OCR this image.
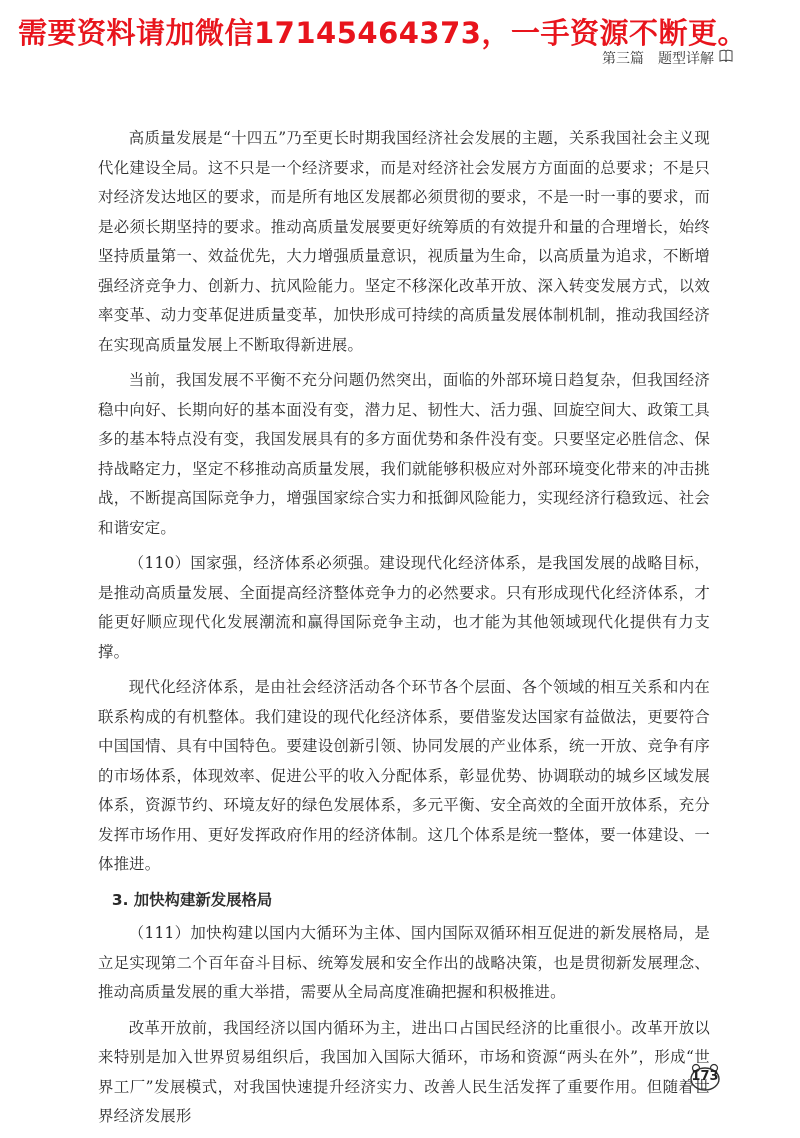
需要资料请加微信17145464373，一手资源不断更。
第三篇　题型详解

高质量发展是“十四五”乃至更长时期我国经济社会发展的主题，关系我国社会主义现代化建设全局。这不只是一个经济要求，而是对经济社会发展方方面面的总要求；不是只对经济发达地区的要求，而是所有地区发展都必须贯彻的要求，不是一时一事的要求，而是必须长期坚持的要求。推动高质量发展要更好统筹质的有效提升和量的合理增长，始终坚持质量第一、效益优先，大力增强质量意识，视质量为生命，以高质量为追求，不断增强经济竞争力、创新力、抗风险能力。坚定不移深化改革开放、深入转变发展方式，以效率变革、动力变革促进质量变革，加快形成可持续的高质量发展体制机制，推动我国经济在实现高质量发展上不断取得新进展。

当前，我国发展不平衡不充分问题仍然突出，面临的外部环境日趋复杂，但我国经济稳中向好、长期向好的基本面没有变，潜力足、韧性大、活力强、回旋空间大、政策工具多的基本特点没有变，我国发展具有的多方面优势和条件没有变。只要坚定必胜信念、保持战略定力，坚定不移推动高质量发展，我们就能够积极应对外部环境变化带来的冲击挑战，不断提高国际竞争力，增强国家综合实力和抵御风险能力，实现经济行稳致远、社会和谐安定。

（110）国家强，经济体系必须强。建设现代化经济体系，是我国发展的战略目标，是推动高质量发展、全面提高经济整体竞争力的必然要求。只有形成现代化经济体系，才能更好顺应现代化发展潮流和赢得国际竞争主动，也才能为其他领域现代化提供有力支撑。

现代化经济体系，是由社会经济活动各个环节各个层面、各个领域的相互关系和内在联系构成的有机整体。我们建设的现代化经济体系，要借鉴发达国家有益做法，更要符合中国国情、具有中国特色。要建设创新引领、协同发展的产业体系，统一开放、竞争有序的市场体系，体现效率、促进公平的收入分配体系，彰显优势、协调联动的城乡区域发展体系，资源节约、环境友好的绿色发展体系，多元平衡、安全高效的全面开放体系，充分发挥市场作用、更好发挥政府作用的经济体制。这几个体系是统一整体，要一体建设、一体推进。

3. 加快构建新发展格局

（111）加快构建以国内大循环为主体、国内国际双循环相互促进的新发展格局，是立足实现第二个百年奋斗目标、统筹发展和安全作出的战略决策，也是贯彻新发展理念、推动高质量发展的重大举措，需要从全局高度准确把握和积极推进。

改革开放前，我国经济以国内循环为主，进出口占国民经济的比重很小。改革开放以来特别是加入世界贸易组织后，我国加入国际大循环，市场和资源“两头在外”，形成“世界工厂”发展模式，对我国快速提升经济实力、改善人民生活发挥了重要作用。但随着世界经济发展形

173
